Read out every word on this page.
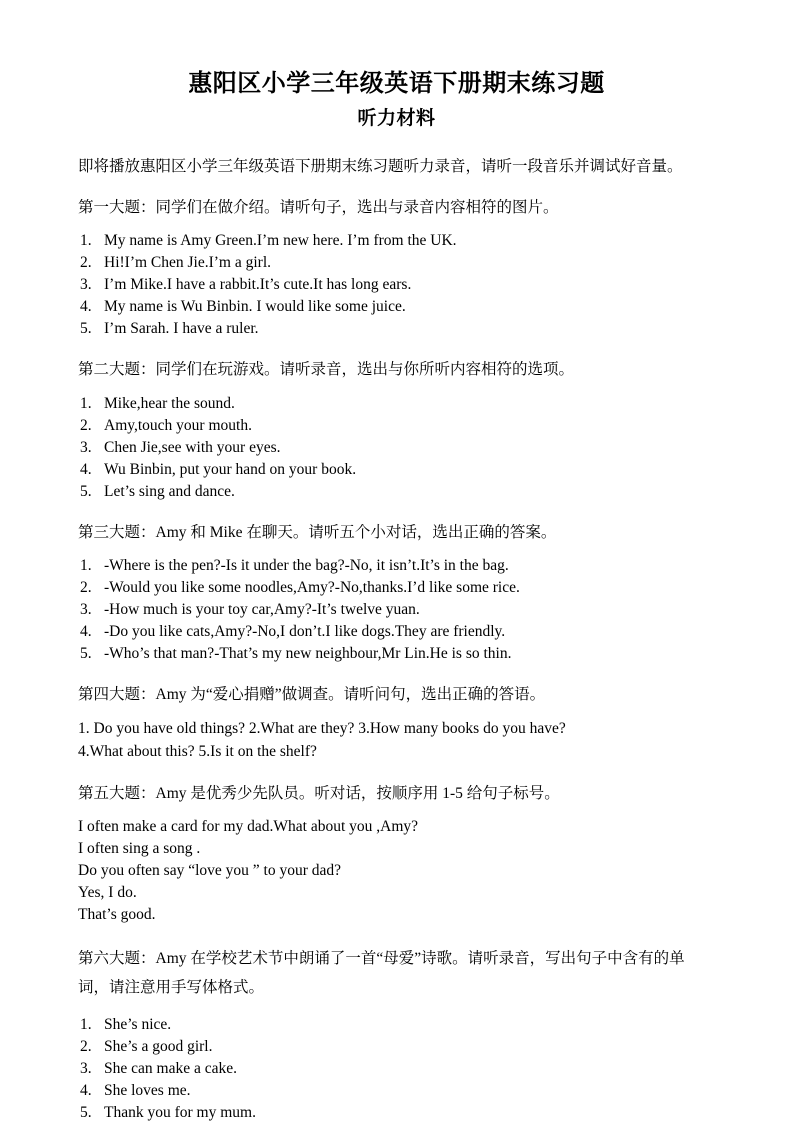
惠阳区小学三年级英语下册期末练习题
听力材料

即将播放惠阳区小学三年级英语下册期末练习题听力录音，请听一段音乐并调试好音量。

第一大题：同学们在做介绍。请听句子，选出与录音内容相符的图片。

1. My name is Amy Green.I’m new here. I’m from the UK.
2. Hi!I’m Chen Jie.I’m a girl.
3. I’m Mike.I have a rabbit.It’s cute.It has long ears.
4. My name is Wu Binbin. I would like some juice.
5. I’m Sarah. I have a ruler.

第二大题：同学们在玩游戏。请听录音，选出与你所听内容相符的选项。

1. Mike,hear the sound.
2. Amy,touch your mouth.
3. Chen Jie,see with your eyes.
4. Wu Binbin, put your hand on your book.
5. Let’s sing and dance.

第三大题：Amy 和 Mike 在聊天。请听五个小对话，选出正确的答案。

1. -Where is the pen?-Is it under the bag?-No, it isn’t.It’s in the bag.
2. -Would you like some noodles,Amy?-No,thanks.I’d like some rice.
3. -How much is your toy car,Amy?-It’s twelve yuan.
4. -Do you like cats,Amy?-No,I don’t.I like dogs.They are friendly.
5. -Who’s that man?-That’s my new neighbour,Mr Lin.He is so thin.

第四大题：Amy 为“爱心捐赠”做调查。请听问句，选出正确的答语。

1. Do you have old things? 2.What are they? 3.How many books do you have?
4.What about this? 5.Is it on the shelf?

第五大题：Amy 是优秀少先队员。听对话，按顺序用 1-5 给句子标号。

I often make a card for my dad.What about you ,Amy?
I often sing a song .
Do you often say “love you ” to your dad?
Yes, I do.
That’s good.

第六大题：Amy 在学校艺术节中朗诵了一首“母爱”诗歌。请听录音，写出句子中含有的单 词，请注意用手写体格式。

1. She’s nice.
2. She’s a good girl.
3. She can make a cake.
4. She loves me.
5. Thank you for my mum.
